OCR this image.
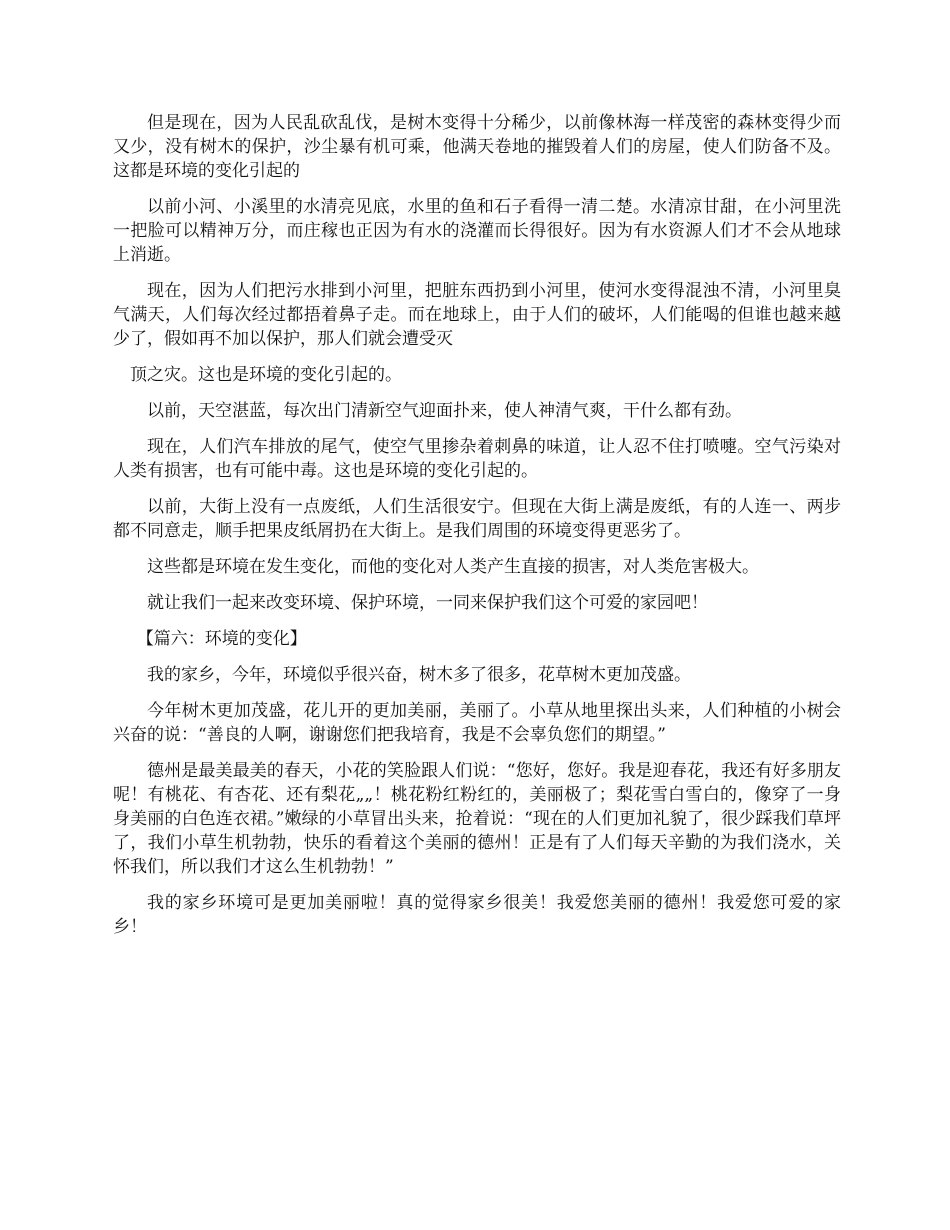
但是现在，因为人民乱砍乱伐，是树木变得十分稀少，以前像林海一样茂密的森林变得少而又少，没有树木的保护，沙尘暴有机可乘，他满天卷地的摧毁着人们的房屋，使人们防备不及。这都是环境的变化引起的

以前小河、小溪里的水清亮见底，水里的鱼和石子看得一清二楚。水清凉甘甜，在小河里洗一把脸可以精神万分，而庄稼也正因为有水的浇灌而长得很好。因为有水资源人们才不会从地球上消逝。

现在，因为人们把污水排到小河里，把脏东西扔到小河里，使河水变得混浊不清，小河里臭气满天，人们每次经过都捂着鼻子走。而在地球上，由于人们的破坏，人们能喝的但谁也越来越少了，假如再不加以保护，那人们就会遭受灭

顶之灾。这也是环境的变化引起的。

以前，天空湛蓝，每次出门清新空气迎面扑来，使人神清气爽，干什么都有劲。

现在，人们汽车排放的尾气，使空气里掺杂着刺鼻的味道，让人忍不住打喷嚏。空气污染对人类有损害，也有可能中毒。这也是环境的变化引起的。

以前，大街上没有一点废纸，人们生活很安宁。但现在大街上满是废纸，有的人连一、两步都不同意走，顺手把果皮纸屑扔在大街上。是我们周围的环境变得更恶劣了。

这些都是环境在发生变化，而他的变化对人类产生直接的损害，对人类危害极大。

就让我们一起来改变环境、保护环境，一同来保护我们这个可爱的家园吧！

【篇六：环境的变化】

我的家乡，今年，环境似乎很兴奋，树木多了很多，花草树木更加茂盛。

今年树木更加茂盛，花儿开的更加美丽，美丽了。小草从地里探出头来，人们种植的小树会兴奋的说：“善良的人啊，谢谢您们把我培育，我是不会辜负您们的期望。”

德州是最美最美的春天，小花的笑脸跟人们说：“您好，您好。我是迎春花，我还有好多朋友呢！有桃花、有杏花、还有梨花„„！桃花粉红粉红的，美丽极了；梨花雪白雪白的，像穿了一身身美丽的白色连衣裙。”嫩绿的小草冒出头来，抢着说：“现在的人们更加礼貌了，很少踩我们草坪了，我们小草生机勃勃，快乐的看着这个美丽的德州！正是有了人们每天辛勤的为我们浇水，关怀我们，所以我们才这么生机勃勃！”

我的家乡环境可是更加美丽啦！真的觉得家乡很美！我爱您美丽的德州！我爱您可爱的家乡！
